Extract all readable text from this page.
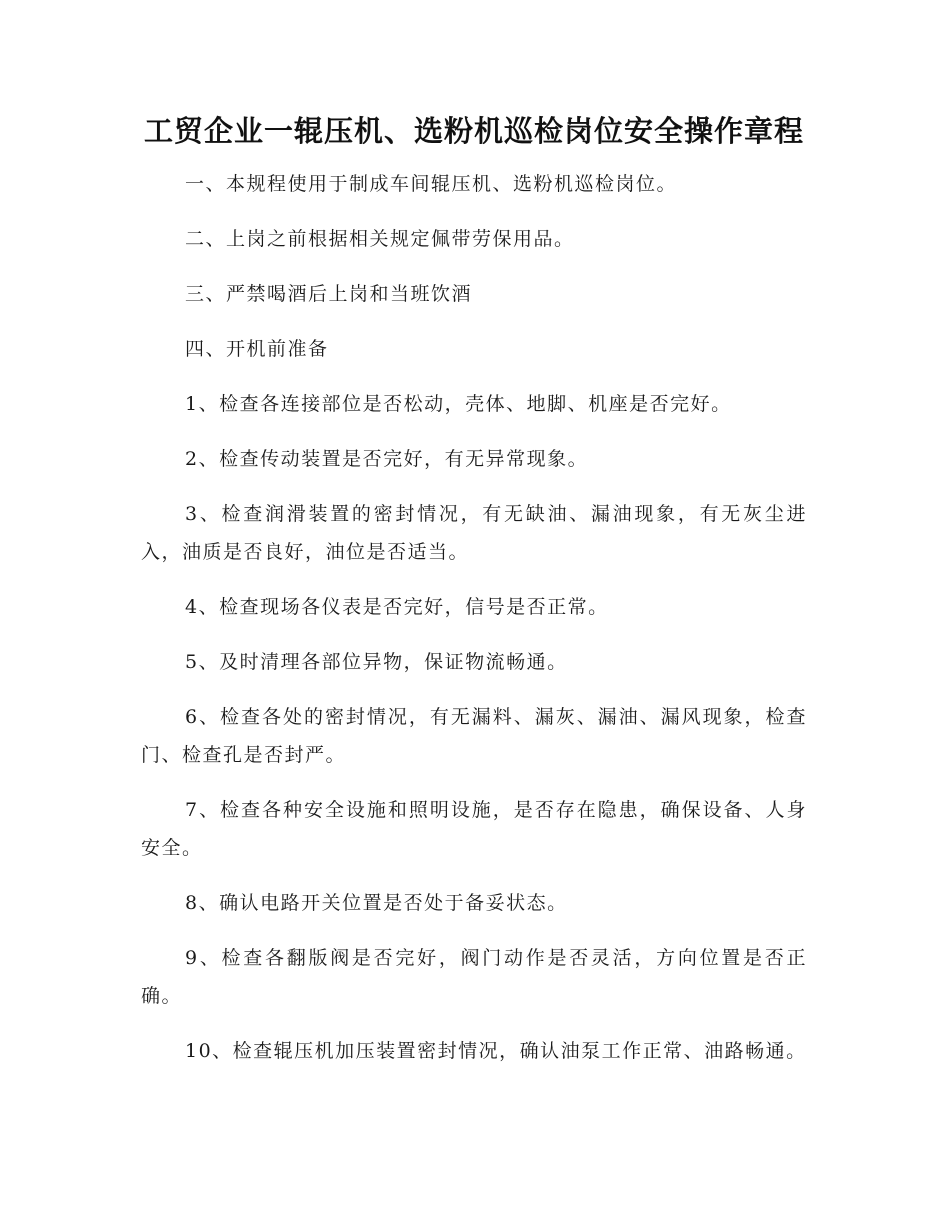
工贸企业一辊压机、选粉机巡检岗位安全操作章程

一、本规程使用于制成车间辊压机、选粉机巡检岗位。

二、上岗之前根据相关规定佩带劳保用品。

三、严禁喝酒后上岗和当班饮酒

四、开机前准备

1、检查各连接部位是否松动，壳体、地脚、机座是否完好。

2、检查传动装置是否完好，有无异常现象。

3、检查润滑装置的密封情况，有无缺油、漏油现象，有无灰尘进入，油质是否良好，油位是否适当。

4、检查现场各仪表是否完好，信号是否正常。

5、及时清理各部位异物，保证物流畅通。

6、检查各处的密封情况，有无漏料、漏灰、漏油、漏风现象，检查门、检查孔是否封严。

7、检查各种安全设施和照明设施，是否存在隐患，确保设备、人身安全。

8、确认电路开关位置是否处于备妥状态。

9、检查各翻版阀是否完好，阀门动作是否灵活，方向位置是否正确。

10、检查辊压机加压装置密封情况，确认油泵工作正常、油路畅通。
